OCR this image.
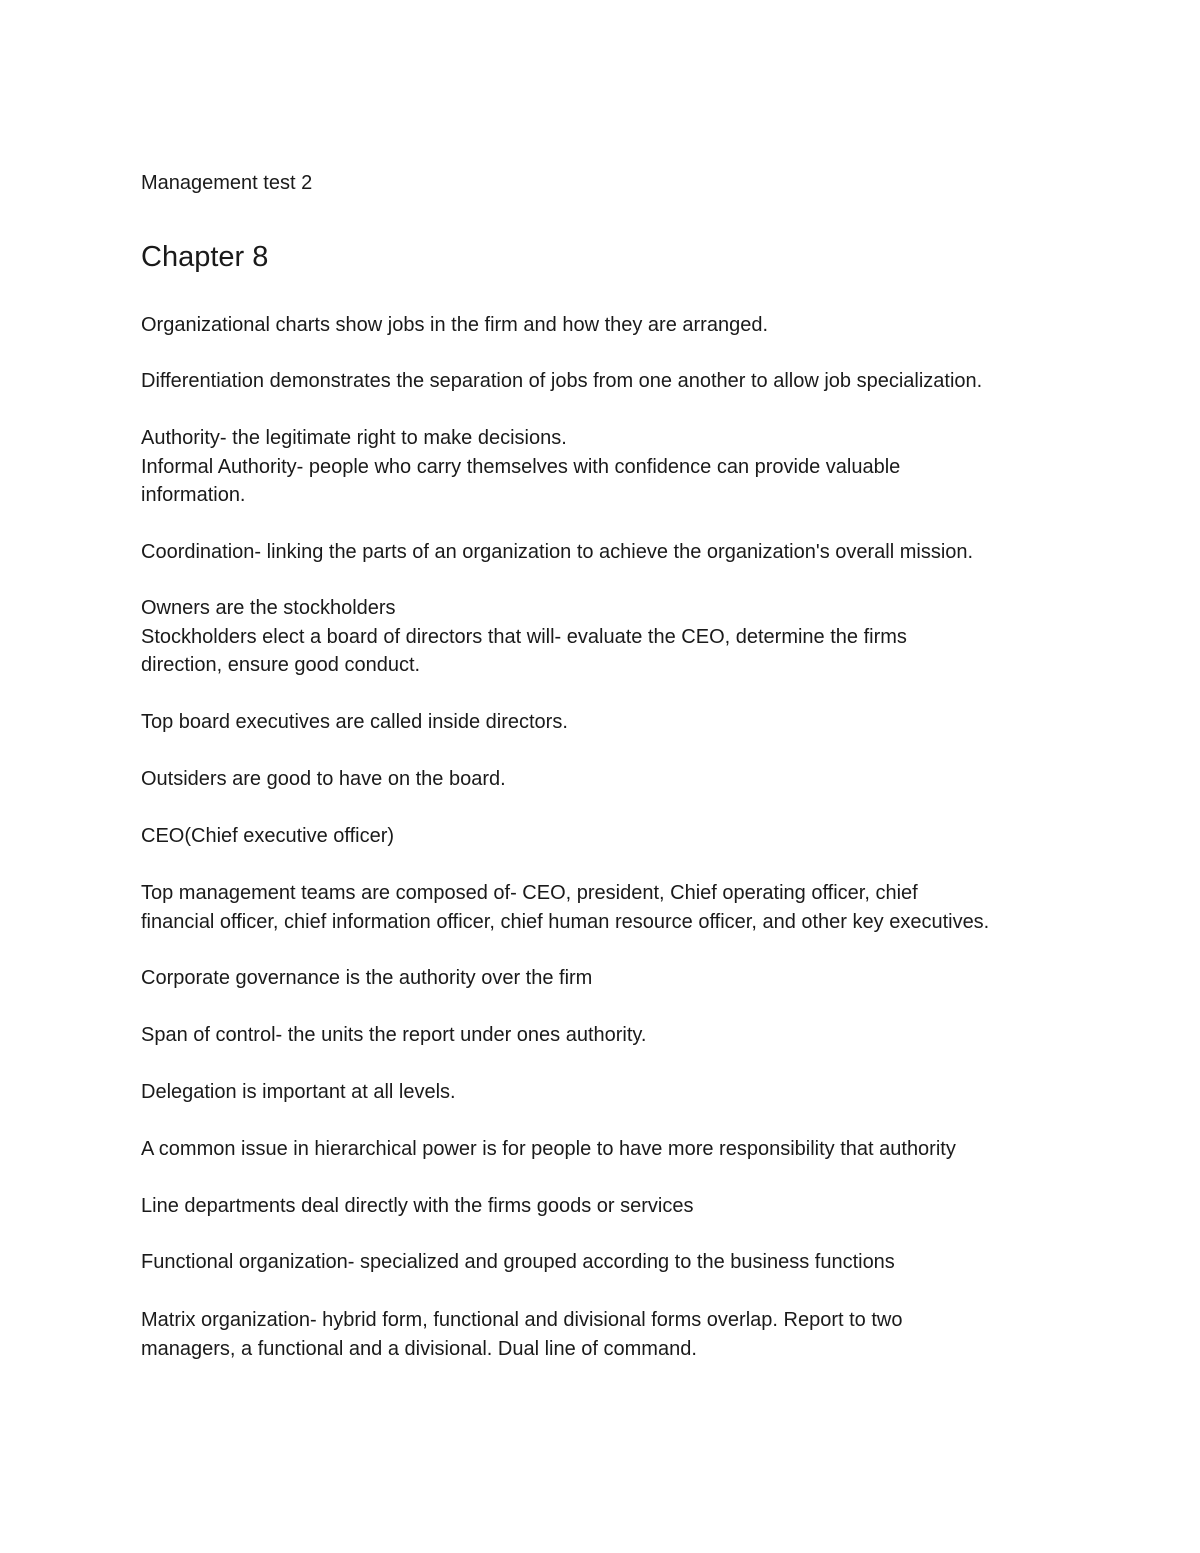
Management test 2

Chapter 8

Organizational charts show jobs in the firm and how they are arranged.

Differentiation demonstrates the separation of jobs from one another to allow job specialization.

Authority- the legitimate right to make decisions.
Informal Authority- people who carry themselves with confidence can provide valuable
information.

Coordination- linking the parts of an organization to achieve the organization's overall mission.

Owners are the stockholders
Stockholders elect a board of directors that will- evaluate the CEO, determine the firms
direction, ensure good conduct.

Top board executives are called inside directors.

Outsiders are good to have on the board.

CEO(Chief executive officer)

Top management teams are composed of- CEO, president, Chief operating officer, chief
financial officer, chief information officer, chief human resource officer, and other key executives.

Corporate governance is the authority over the firm

Span of control- the units the report under ones authority.

Delegation is important at all levels.

A common issue in hierarchical power is for people to have more responsibility that authority

Line departments deal directly with the firms goods or services

Functional organization- specialized and grouped according to the business functions

Matrix organization- hybrid form, functional and divisional forms overlap. Report to two
managers, a functional and a divisional. Dual line of command.
